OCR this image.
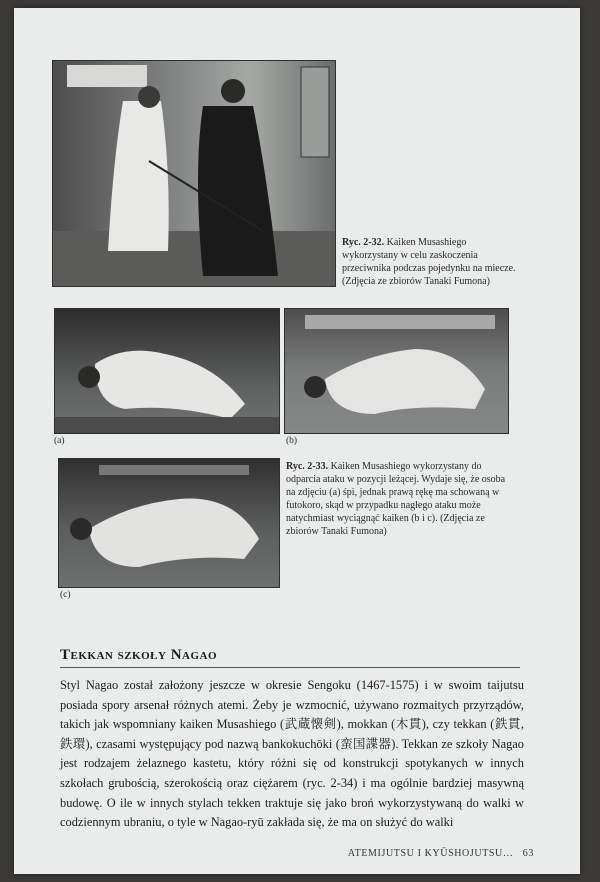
Ryc. 2-32. Kaiken Musashiego wykorzystany w celu zaskoczenia przeciwnika podczas pojedynku na miecze. (Zdjęcia ze zbiorów Tanaki Fumona)
(a)	(b)
(c)
Ryc. 2-33. Kaiken Musashiego wykorzystany do odparcia ataku w pozycji leżącej. Wydaje się, że osoba na zdjęciu (a) śpi, jednak prawą rękę ma schowaną w futokoro, skąd w przypadku nagłego ataku może natychmiast wyciągnąć kaiken (b i c). (Zdjęcia ze zbiorów Tanaki Fumona)
Tekkan szkoły Nagao

Styl Nagao został założony jeszcze w okresie Sengoku (1467-1575) i w swoim taijutsu posiada spory arsenał różnych atemi. Żeby je wzmocnić, używano rozmaitych przyrządów, takich jak wspomniany kaiken Musashiego (武蔵懐剣), mokkan (木貫), czy tekkan (鉄貫, 鉄環), czasami występujący pod nazwą bankokuchōki (蛮国諜器). Tekkan ze szkoły Nagao jest rodzajem żelaznego kastetu, który różni się od konstrukcji spotykanych w innych szkołach grubością, szerokością oraz ciężarem (ryc. 2-34) i ma ogólnie bardziej masywną budowę. O ile w innych stylach tekken traktuje się jako broń wykorzystywaną do walki w codziennym ubraniu, o tyle w Nagao-ryū zakłada się, że ma on służyć do walki

ATEMIJUTSU I KYŪSHOJUTSU… 63
